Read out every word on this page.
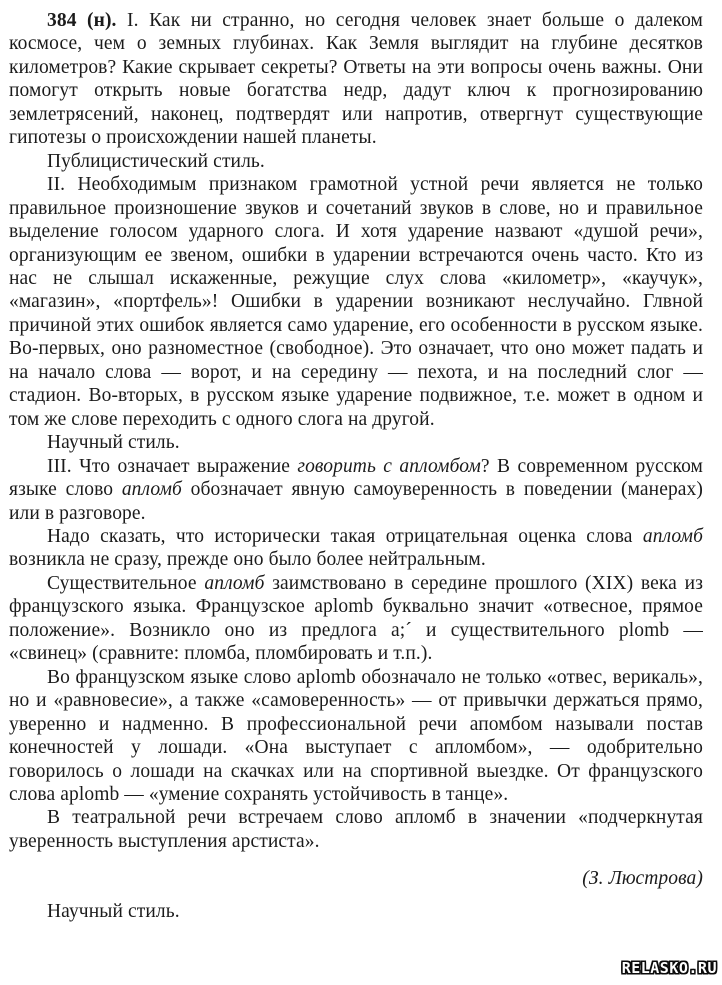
384 (н). I. Как ни странно, но сегодня человек знает больше о далеком космосе, чем о земных глубинах. Как Земля выглядит на глубине десятков километров? Какие скрывает секреты? Ответы на эти вопросы очень важны. Они помогут открыть новые богатства недр, дадут ключ к прогнозированию землетрясений, наконец, подтвердят или напротив, отвергнут существующие гипотезы о происхождении нашей планеты.

Публицистический стиль.

II. Необходимым признаком грамотной устной речи является не только правильное произношение звуков и сочетаний звуков в слове, но и правильное выделение голосом ударного слога. И хотя ударение назвают «душой речи», организующим ее звеном, ошибки в ударении встречаются очень часто. Кто из нас не слышал искаженные, режущие слух слова «километр», «каучук», «магазин», «портфель»! Ошибки в ударении возникают неслучайно. Глвной причиной этих ошибок является само ударение, его особенности в русском языке. Во-первых, оно разноместное (свободное). Это означает, что оно может падать и на начало слова — ворот, и на середину — пехота, и на последний слог — стадион. Во-вторых, в русском языке ударение подвижное, т.е. может в одном и том же слове переходить с одного слога на другой.

Научный стиль.

III. Что означает выражение говорить с апломбом? В современном русском языке слово апломб обозначает явную самоуверенность в поведении (манерах) или в разговоре.

Надо сказать, что исторически такая отрицательная оценка слова апломб возникла не сразу, прежде оно было более нейтральным.

Существительное апломб заимствовано в середине прошлого (XIX) века из французского языка. Французское aplomb буквально значит «отвесное, прямое положение». Возникло оно из предлога а;´ и существительного plomb — «свинец» (сравните: пломба, пломбировать и т.п.).

Во французском языке слово aplomb обозначало не только «отвес, верикаль», но и «равновесие», а также «самоверенность» — от привычки держаться прямо, уверенно и надменно. В профессиональной речи апомбом называли постав конечностей у лошади. «Она выступает с апломбом», — одобрительно говорилось о лошади на скачках или на спортивной выездке. От французского слова aplomb — «умение сохранять устойчивость в танце».

В театральной речи встречаем слово апломб в значении «подчеркнутая уверенность выступления арстиста».

(З. Люстрова)

Научный стиль.

RELASKO.RU
